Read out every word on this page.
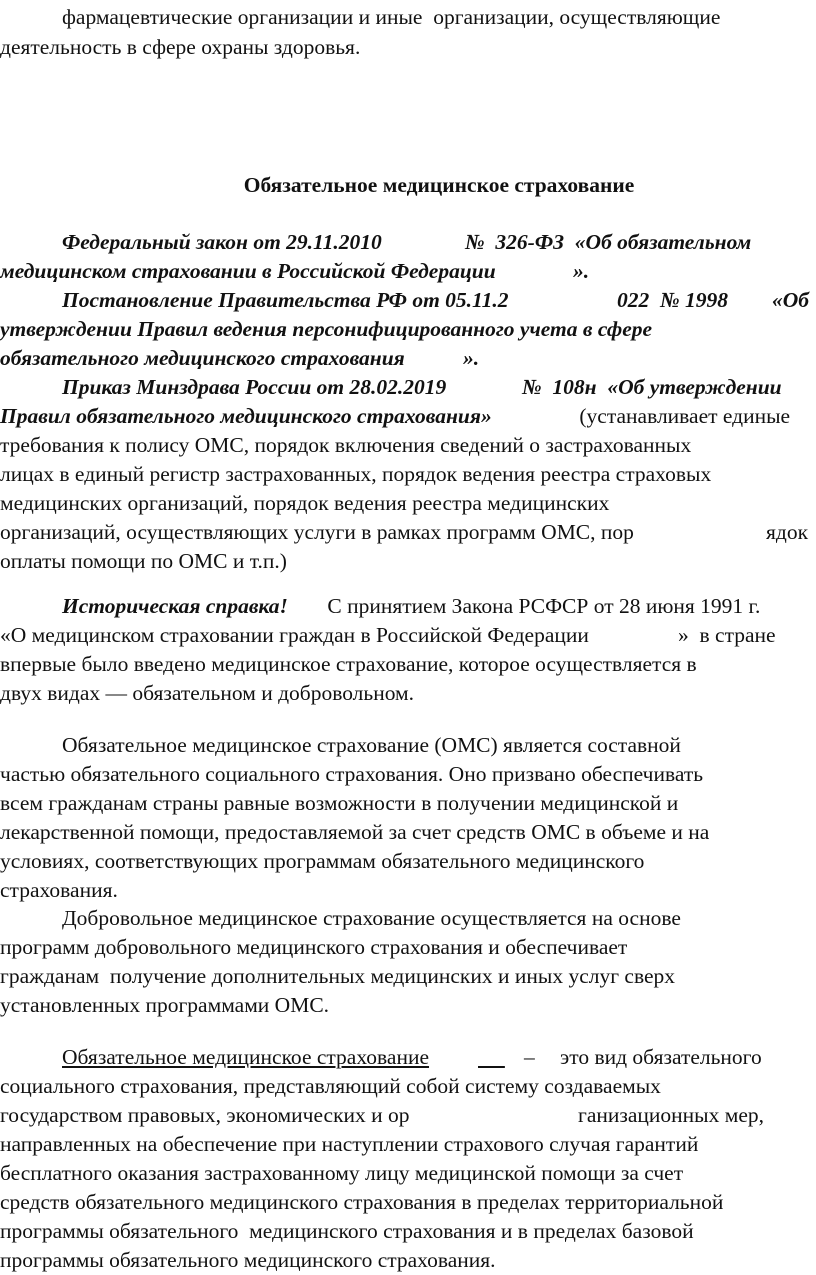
фармацевтические организации и иные  организации, осуществляющие
деятельность в сфере охраны здоровья.
Обязательное медицинское страхование
Федеральный закон от 29.11.2010	№  326-ФЗ  «Об обязательном
медицинском страховании в Российской Федерации	».
Постановление Правительства РФ от 05.11.2	022  № 1998 «Об
утверждении Правил ведения персонифицированного учета в сфере
обязательного медицинского страхования	».
Приказ Минздрава России от 28.02.2019	№  108н  «Об утверждении
Правил обязательного медицинского страхования»	(устанавливает единые
требования к полису ОМС, порядок включения сведений о застрахованных
лицах в единый регистр застрахованных, порядок ведения реестра страховых
медицинских организаций, порядок ведения реестра медицинских
организаций, осуществляющих услуги в рамках программ ОМС, пор	ядок
оплаты помощи по ОМС и т.п.)
Историческая справка! С принятием Закона РСФСР от 28 июня 1991 г.
«О медицинском страховании граждан в Российской Федерации	»  в стране
впервые было введено медицинское страхование, которое осуществляется в
двух видах — обязательном и добровольном.
Обязательное медицинское страхование (ОМС) является составной
частью обязательного социального страхования. Оно призвано обеспечивать
всем гражданам страны равные возможности в получении медицинской и
лекарственной помощи, предоставляемой за счет средств ОМС в объеме и на
условиях, соответствующих программам обязательного медицинского
страхования.
Добровольное медицинское страхование осуществляется на основе
программ добровольного медицинского страхования и обеспечивает
гражданам  получение дополнительных медицинских и иных услуг сверх
установленных программами ОМС.
Обязательное медицинское страхование
	– это вид обязательного
социального страхования, представляющий собой систему создаваемых
государством правовых, экономических и ор	ганизационных мер,
направленных на обеспечение при наступлении страхового случая гарантий
бесплатного оказания застрахованному лицу медицинской помощи за счет
средств обязательного медицинского страхования в пределах территориальной
программы обязательного  медицинского страхования и в пределах базовой
программы обязательного медицинского страхования.
